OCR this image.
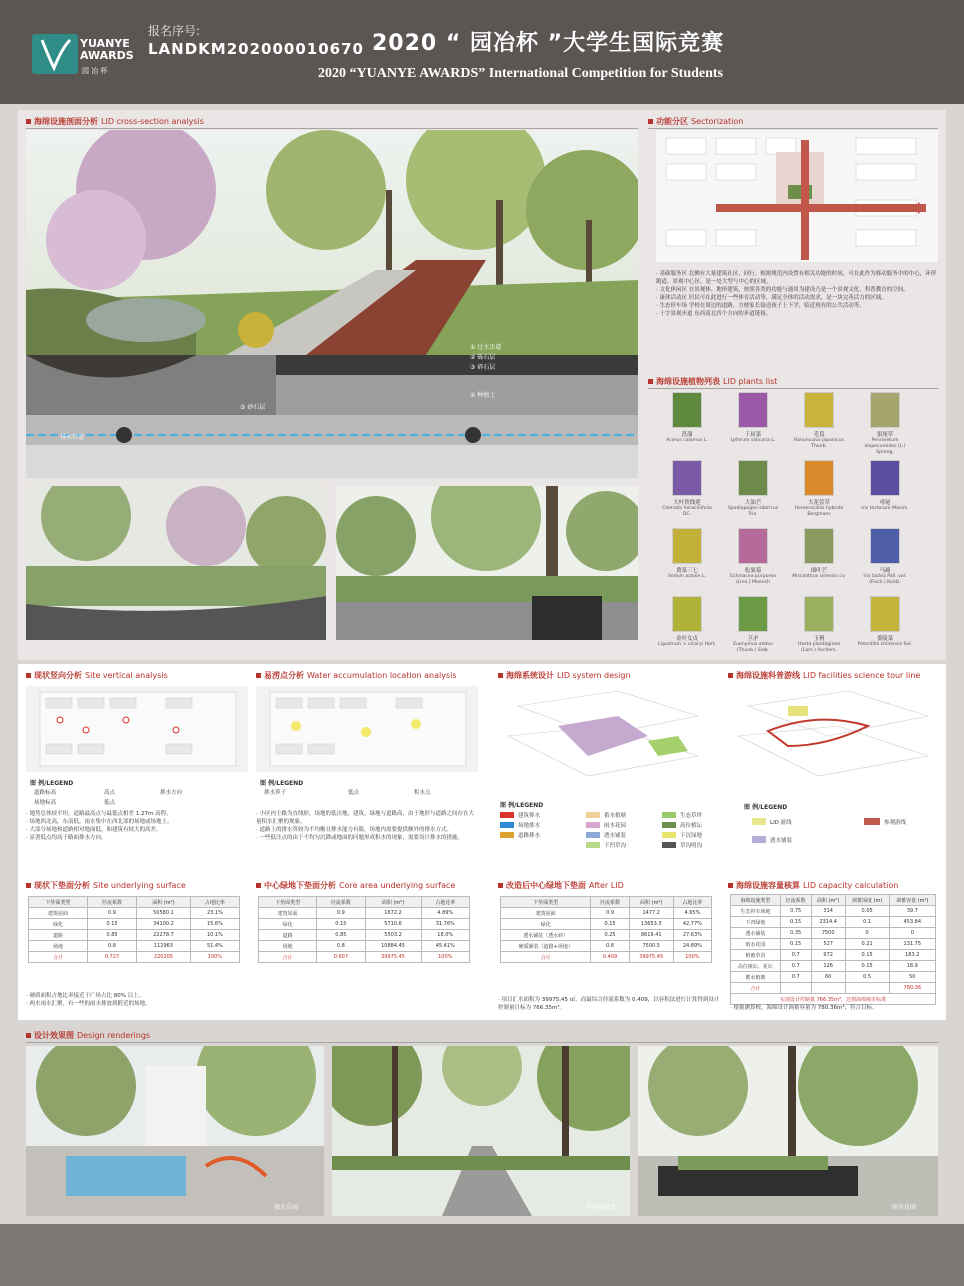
YUANYE
AWARDS
园 冶 杯
报名序号:
LANDKM202000010670 2020 “ 园冶杯 ”大学生国际竞赛
2020 “YUANYE AWARDS” International Competition for Students
海绵设施剖面分析 LID cross-section analysis
① 过水步道
② 砾石层
③ 碎石层
④ 种植土
⑤ 砂石层
排水管道
功能分区 Sectorization
· 基础服务区 北侧有大量建筑社区，同行。根据规范内设置有相关功能的时间，可在此作为移动服务中的中心，环形跑道、景观中心区，是一处大型与中心的区域。
· 文化休闲区 在景观体、地形建筑，按照各类的功能与通用为建设乃是一个景观文化、科普教育的空间。
· 康体活动区 居民可在此进行一些体育活动等，满足全体的活动需求，是一块完善活力的区域。
· 生态停车场 学校在周边的道路，方便家长接送孩子上下学，临近现有的公共活动等。
· 十字景观步道 东西南北四个方向的步道链接。
海绵设施植物列表 LID plants list
菖蒲
Acorus calamus L.
千屈菜
Lythrum salicaria L.
毛茛
Ranunculus japonicus Thunb.
狼尾草
Pennisetum alopecuroides (L.) Spreng.
大叶铁线莲
Clematis heracleifolia DC.
大油芒
Spodiopogon sibiricus Trin.
大花萱草
Hemerocallis hybrida Bergmans
鸢尾
Iris tectorum Maxim.
费菜三七
Sedum aizoon L.
松果菊
Echinacea purpurea (Linn.) Moench
细叶芒
Miscanthus sinensis cv.
马蔺
Iris lactea Pall. var. (Fisch.) Koidz.
金叶女贞
Ligustrum × vicaryi Hort.
卫矛
Euonymus alatus (Thunb.) Sieb.
玉簪
Hosta plantaginea (Lam.) Aschers.
委陵菜
Potentilla chinensis Ser.
现状竖向分析 Site vertical analysis
图 例/LEGEND
道路标高	高点	排水方向
场地标高	低点
· 地势总体较平坦，道路最高点与最低点相差 1.27m 高程。
· 场地西北高，东南低，雨水集中在西北部的场地或场地上。
· 大部分场地和道路相对地面低，和建筑有较大的高差。
· 显著低点均高于路面排水方向。
易涝点分析 Water accumulation location analysis
图 例/LEGEND
排水箅子	低点	积水点
· 小区内主路为直线形，场地的低洼地、建筑、绿地与道路高，由于地形与道路之间存在大量积水汇聚的现象。
· 道路上的排水箅较为不均衡且排水能力有限，场地内需要提供额外的排水方式。
· 一些低洼点的由于不均匀沉降或地面的问题形成积水的现象，需要设计排水的措施。
海绵系统设计 LID system design
图 例/LEGEND
建筑排水
场地排水
道路排水
蓄水植塘
雨水花园
透水铺装
下凹草沟
生态草坪
高位植坛
下沉绿地
草沟明沟
海绵设施科普游线 LID facilities science tour line
图 例/LEGEND
LID 游线	参观游线
透水铺装
现状下垫面分析 Site underlying surface
下垫面类型	径流系数	面积 (m²)	占地比率
建筑屋面	0.9	50580.1	23.1%
绿化	0.15	34100.2	15.6%
道路	0.85	22278.7	10.1%
场地	0.8	112963	51.4%
合计	0.727	220205	100%
· 硬质面积占地比率接近于广场占比 80% 以上。
· 两水雨水汇聚，有一些的雨水排放到附近的场地。
中心绿地下垫面分析 Core area underlying surface
下垫面类型	径流系数	面积 (m²)	占地比率
建筑屋面	0.9	1672.2	4.89%
绿化	0.15	5710.6	31.76%
道路	0.85	5503.2	18.0%
场地	0.8	10884.45	45.41%
合计	0.607	39975.45	100%
改造后中心绿地下垫面 After LID
下垫面类型	径流系数	面积 (m²)	占地比率
建筑屋面	0.9	1477.2	4.65%
绿化	0.15	13653.3	42.77%
透水铺装（透水砖）	0.25	8619.41	27.63%
硬质铺装（道路+场地）	0.8	7500.5	24.89%
合计	0.409	39975.45	100%
· 项目汇水面积为 39975.45 ㎡，而最综合径流系数为 0.409，以容积法进行计算得到设计控制量目标为 766.35m³。
海绵设施容量核算 LID capacity calculation
海绵设施类型	径流系数	面积 (m²)	调蓄深度 (m)	调蓄容量 (m³)
生态停车场地	0.75	314	0.05	39.7
下凹绿地	0.15	2314.4	0.1	453.84
透水铺装	0.35	7500	0	0
雨水花园	0.15	527	0.21	131.75
植被草沟	0.7	972	0.15	183.2
高位植坛、花坛	0.7	126	0.15	18.9
蓄水植塘	0.7	60	0.5	50
合计				780.36
实现设计控制量 766.35m³，达到海绵城市标准				
· 根据测算校，海绵设计调蓄容量为 780.36m³，符合目标。
设计效果图 Design renderings
探水乐园	老林幽径道	雨水花园
